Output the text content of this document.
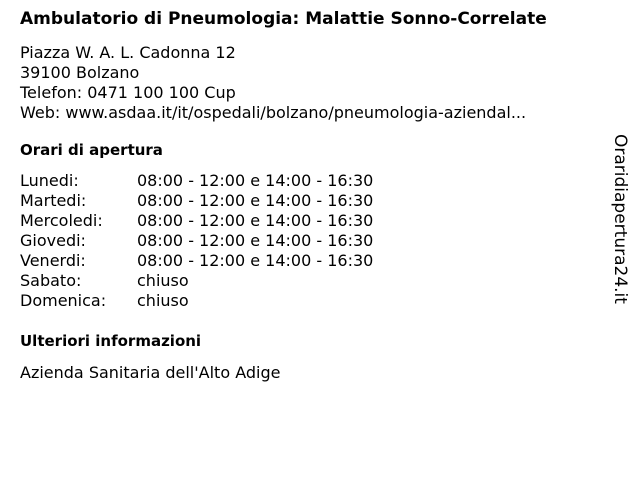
Ambulatorio di Pneumologia: Malattie Sonno-Correlate
Piazza W. A. L. Cadonna 12
39100 Bolzano
Telefon: 0471 100 100 Cup
Web: www.asdaa.it/it/ospedali/bolzano/pneumologia-aziendal...
Orari di apertura
Lunedi:	08:00 - 12:00 e 14:00 - 16:30
Martedi:	08:00 - 12:00 e 14:00 - 16:30
Mercoledi:	08:00 - 12:00 e 14:00 - 16:30
Giovedi:	08:00 - 12:00 e 14:00 - 16:30
Venerdi:	08:00 - 12:00 e 14:00 - 16:30
Sabato:	chiuso
Domenica:	chiuso
Ulteriori informazioni
Azienda Sanitaria dell'Alto Adige
Oraridiapertura24.it
